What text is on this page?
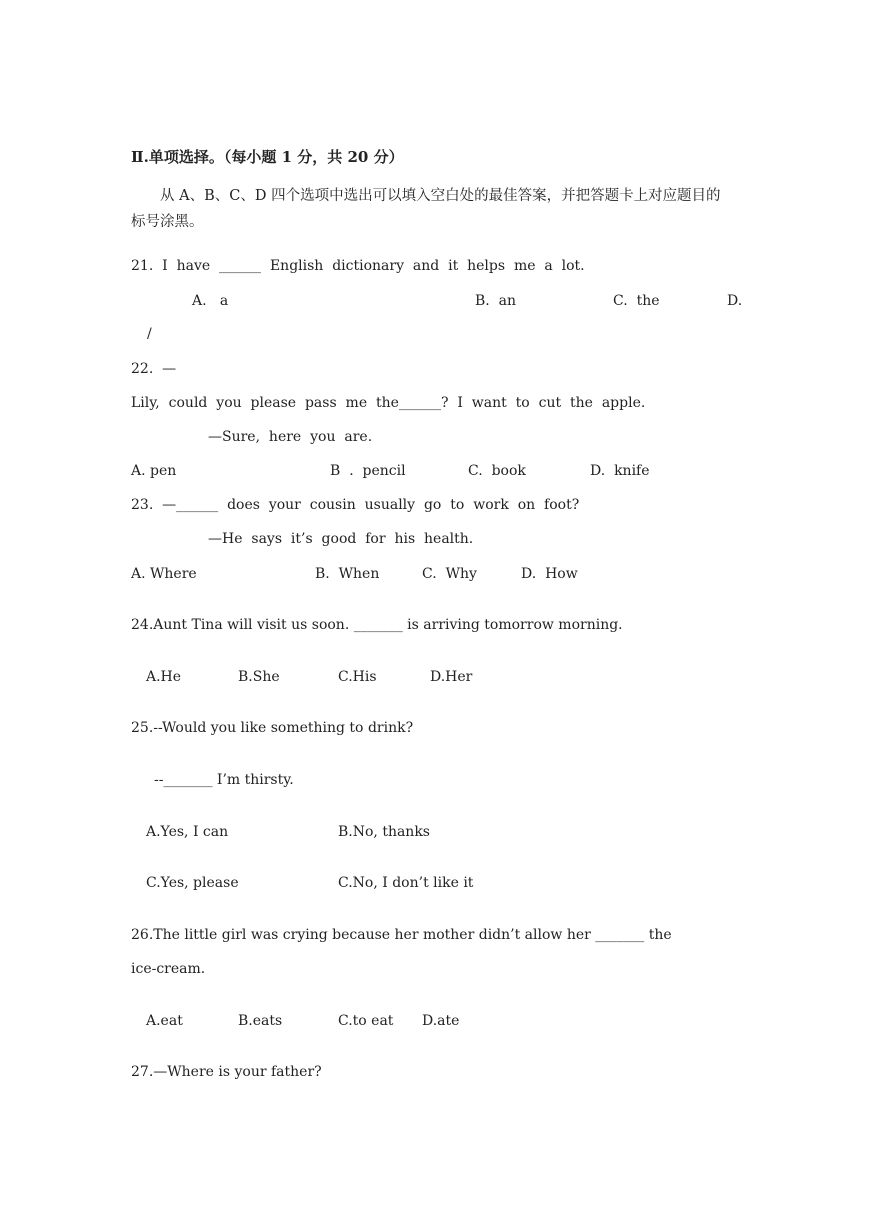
Ⅱ.单项选择。（每小题 1 分，共 20 分）
从 A、B、C、D 四个选项中选出可以填入空白处的最佳答案，并把答题卡上对应题目的
标号涂黑。
21.  I  have  ______  English  dictionary  and  it  helps  me  a  lot.
A.   a	B.  an	C.  the	D.
/
22.  —
Lily,  could  you  please  pass  me  the______?  I  want  to  cut  the  apple.
—Sure,  here  you  are.
A. pen	B  .  pencil	C.  book	D.  knife
23.  —______  does  your  cousin  usually  go  to  work  on  foot?
—He  says  it’s  good  for  his  health.
A. Where	B.  When	C.  Why	D.  How
24.Aunt Tina will visit us soon. _______ is arriving tomorrow morning.
A.He	B.She	C.His	D.Her
25.--Would you like something to drink?
--_______ I’m thirsty.
A.Yes, I can	B.No, thanks
C.Yes, please	C.No, I don’t like it
26.The little girl was crying because her mother didn’t allow her _______ the
ice-cream.
A.eat	B.eats	C.to eat D.ate
27.—Where is your father?
